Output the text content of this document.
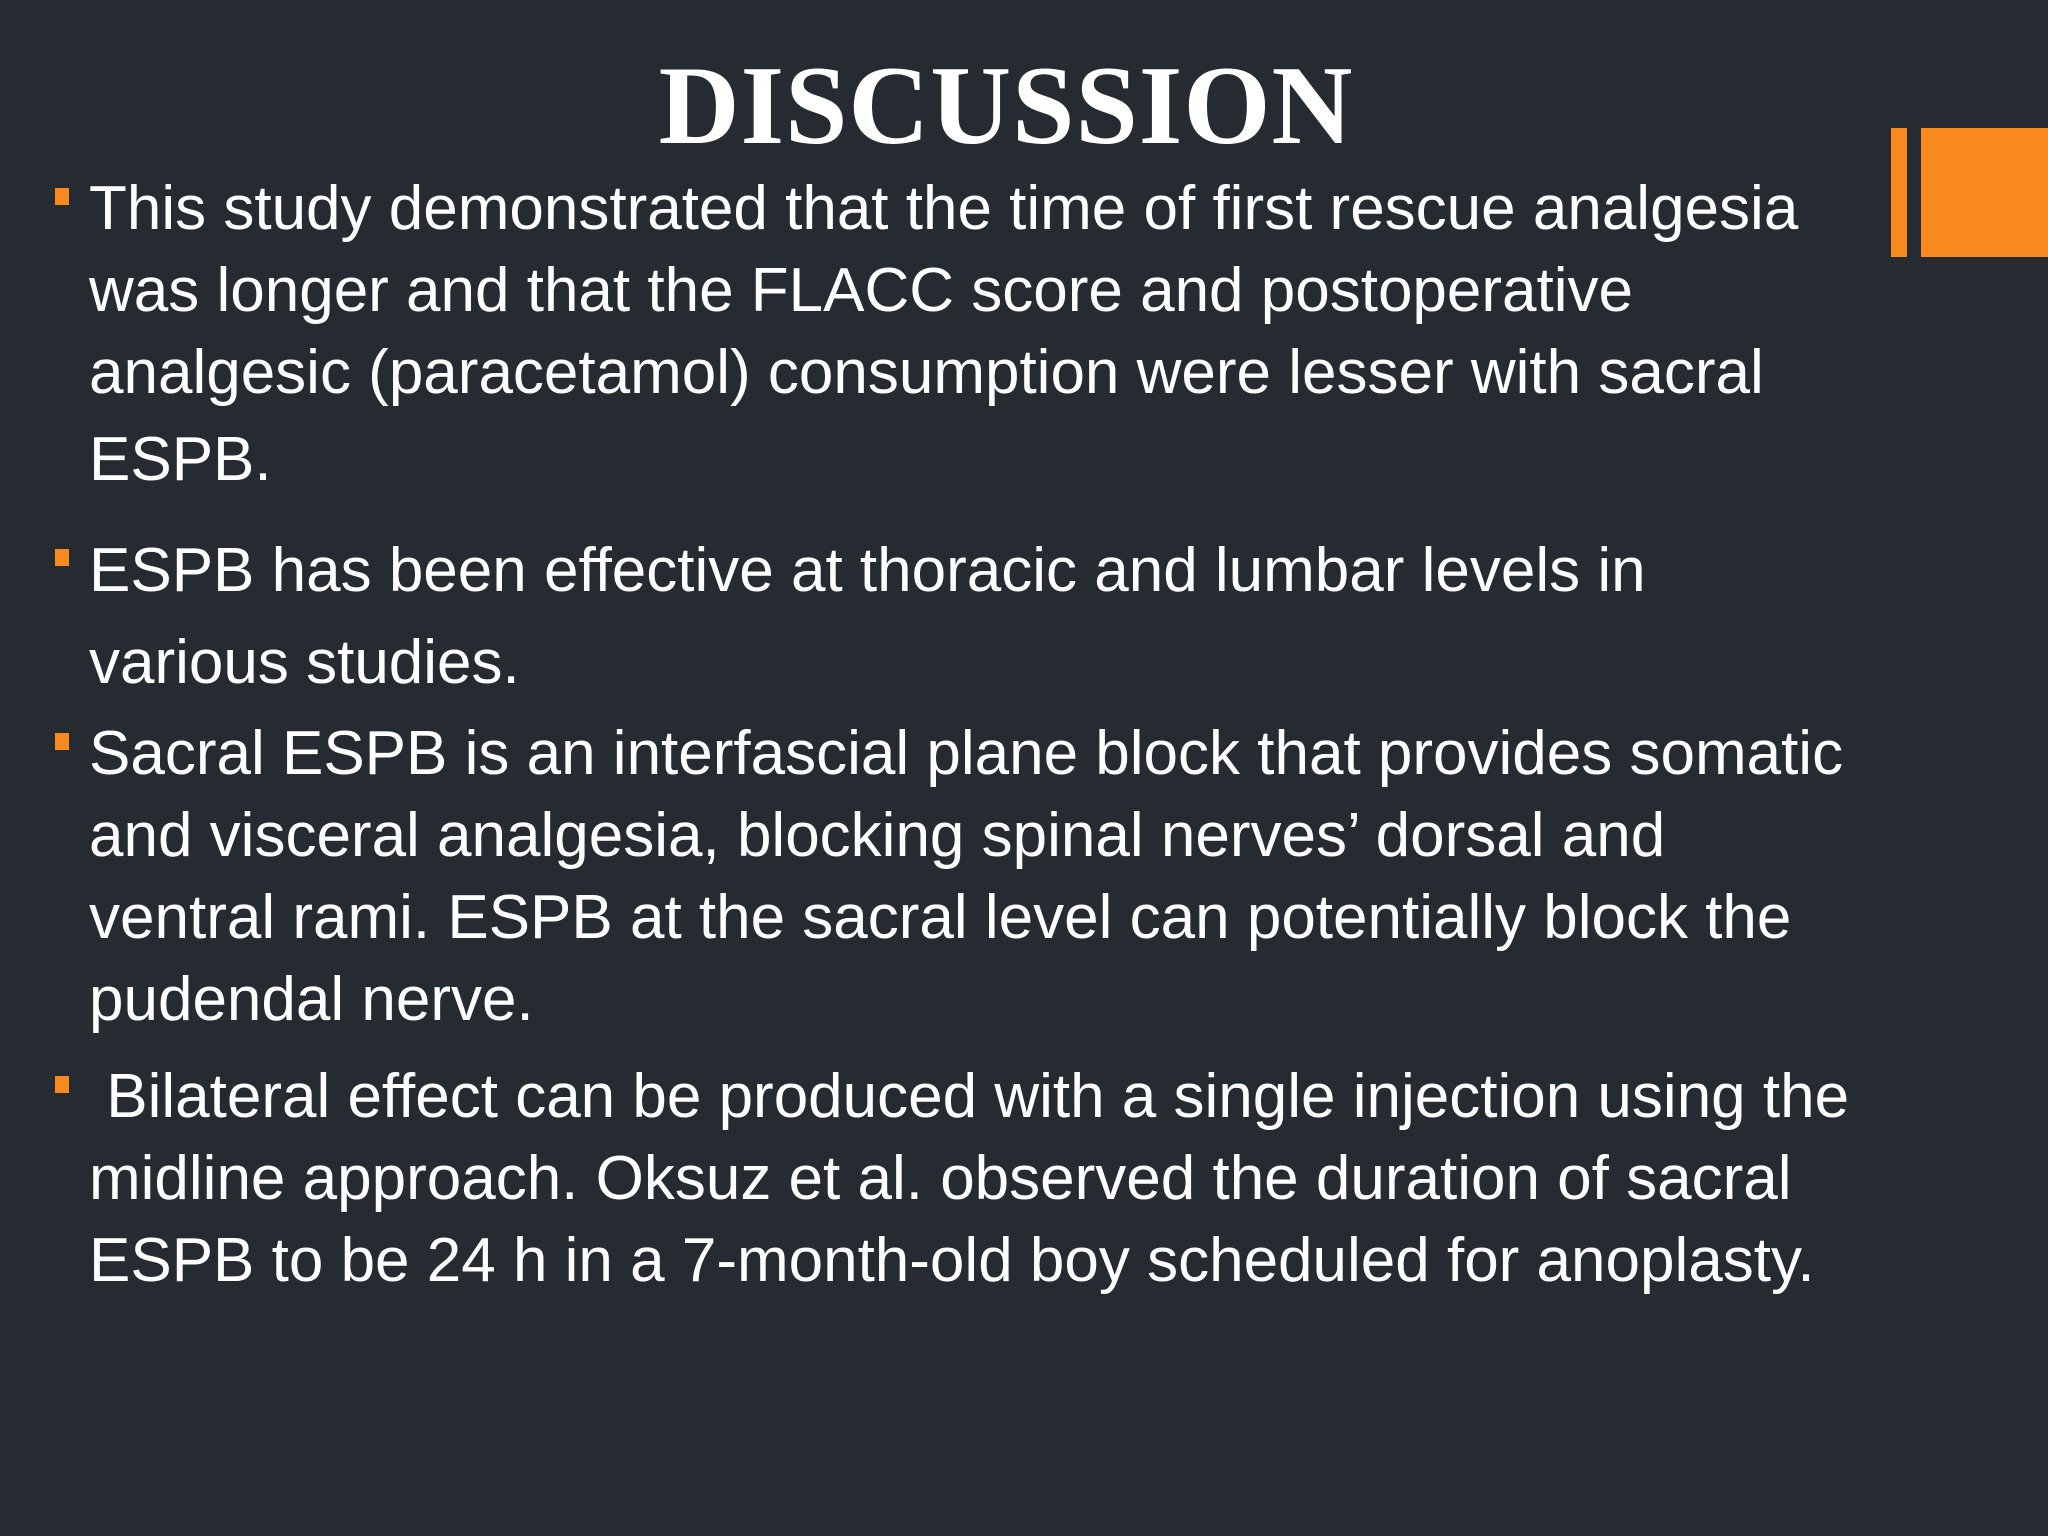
DISCUSSION
This study demonstrated that the time of first rescue analgesia
was longer and that the FLACC score and postoperative
analgesic (paracetamol) consumption were lesser with sacral
ESPB.
ESPB has been effective at thoracic and lumbar levels in
various studies.
Sacral ESPB is an interfascial plane block that provides somatic
and visceral analgesia, blocking spinal nerves’ dorsal and
ventral rami. ESPB at the sacral level can potentially block the
pudendal nerve.
Bilateral effect can be produced with a single injection using the
midline approach. Oksuz et al. observed the duration of sacral
ESPB to be 24 h in a 7-month-old boy scheduled for anoplasty.
